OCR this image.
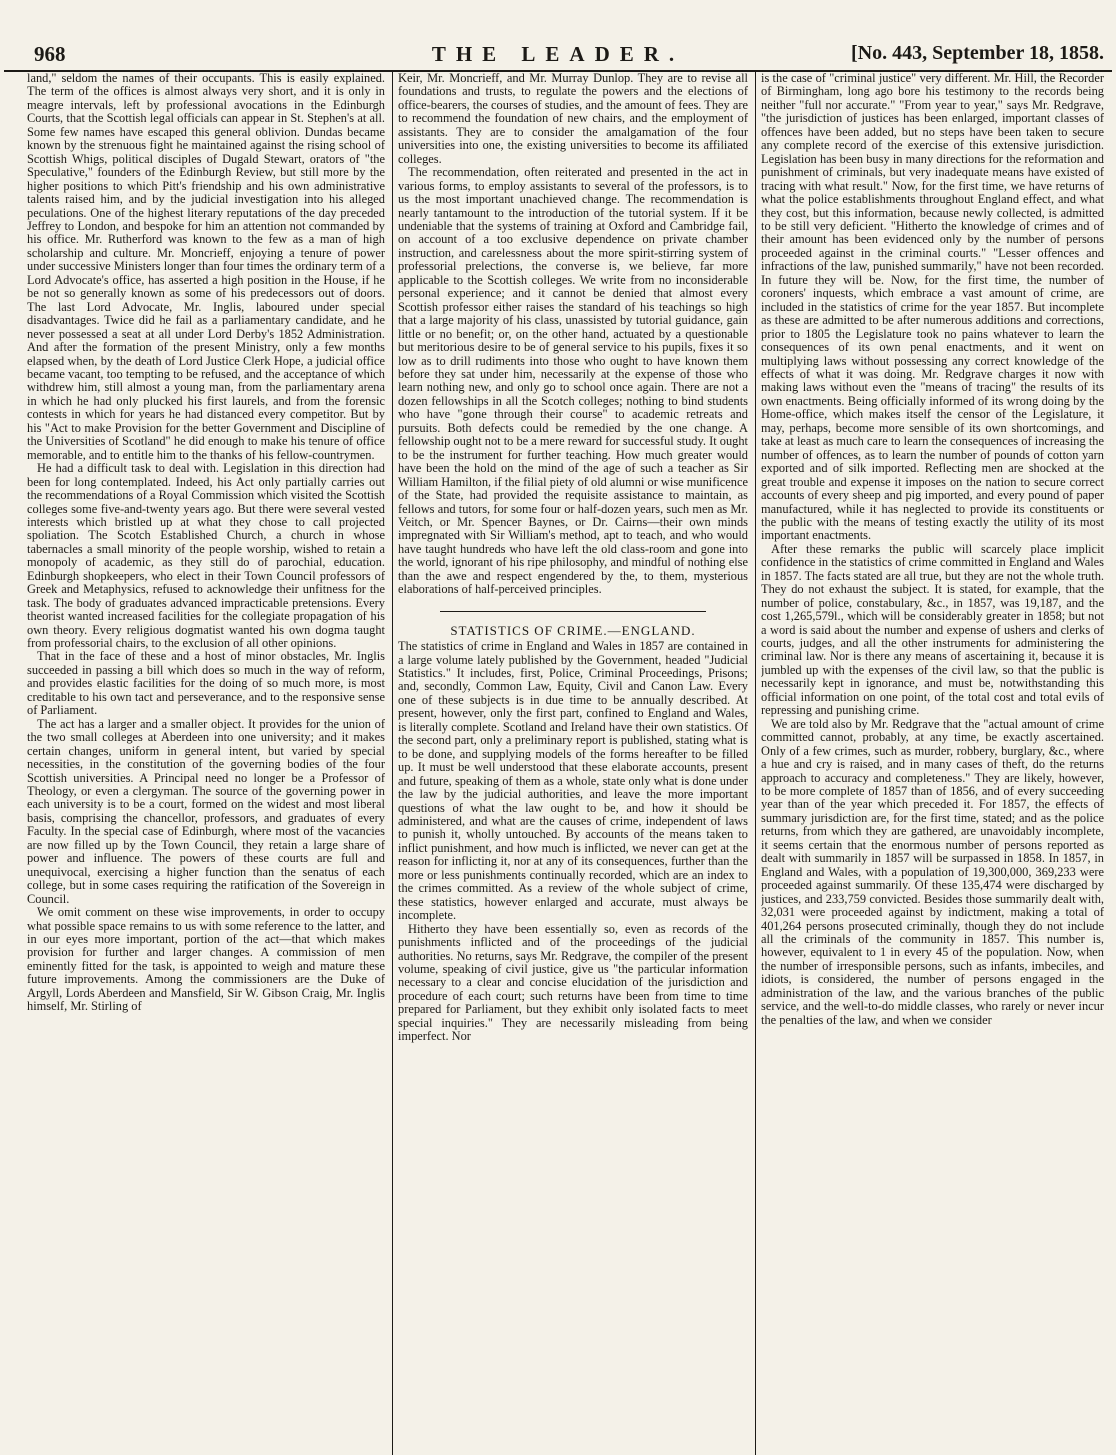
968	THE LEADER.	[No. 443, September 18, 1858.

land," seldom the names of their occupants. This is easily explained. The term of the offices is almost always very short, and it is only in meagre intervals, left by professional avocations in the Edinburgh Courts, that the Scottish legal officials can appear in St. Stephen's at all. Some few names have escaped this general oblivion. Dundas became known by the strenuous fight he maintained against the rising school of Scottish Whigs, political disciples of Dugald Stewart, orators of "the Speculative," founders of the Edinburgh Review, but still more by the higher positions to which Pitt's friendship and his own administrative talents raised him, and by the judicial investigation into his alleged peculations. One of the highest literary reputations of the day preceded Jeffrey to London, and bespoke for him an attention not commanded by his office. Mr. Rutherford was known to the few as a man of high scholarship and culture. Mr. Moncrieff, enjoying a tenure of power under successive Ministers longer than four times the ordinary term of a Lord Advocate's office, has asserted a high position in the House, if he be not so generally known as some of his predecessors out of doors. The last Lord Advocate, Mr. Inglis, laboured under special disadvantages. Twice did he fail as a parliamentary candidate, and he never possessed a seat at all under Lord Derby's 1852 Administration. And after the formation of the present Ministry, only a few months elapsed when, by the death of Lord Justice Clerk Hope, a judicial office became vacant, too tempting to be refused, and the acceptance of which withdrew him, still almost a young man, from the parliamentary arena in which he had only plucked his first laurels, and from the forensic contests in which for years he had distanced every competitor. But by his "Act to make Provision for the better Government and Discipline of the Universities of Scotland" he did enough to make his tenure of office memorable, and to entitle him to the thanks of his fellow-countrymen.

He had a difficult task to deal with. Legislation in this direction had been for long contemplated. Indeed, his Act only partially carries out the recommendations of a Royal Commission which visited the Scottish colleges some five-and-twenty years ago. But there were several vested interests which bristled up at what they chose to call projected spoliation. The Scotch Established Church, a church in whose tabernacles a small minority of the people worship, wished to retain a monopoly of academic, as they still do of parochial, education. Edinburgh shopkeepers, who elect in their Town Council professors of Greek and Metaphysics, refused to acknowledge their unfitness for the task. The body of graduates advanced impracticable pretensions. Every theorist wanted increased facilities for the collegiate propagation of his own theory. Every religious dogmatist wanted his own dogma taught from professorial chairs, to the exclusion of all other opinions.

That in the face of these and a host of minor obstacles, Mr. Inglis succeeded in passing a bill which does so much in the way of reform, and provides elastic facilities for the doing of so much more, is most creditable to his own tact and perseverance, and to the responsive sense of Parliament.

The act has a larger and a smaller object. It provides for the union of the two small colleges at Aberdeen into one university; and it makes certain changes, uniform in general intent, but varied by special necessities, in the constitution of the governing bodies of the four Scottish universities. A Principal need no longer be a Professor of Theology, or even a clergyman. The source of the governing power in each university is to be a court, formed on the widest and most liberal basis, comprising the chancellor, professors, and graduates of every Faculty. In the special case of Edinburgh, where most of the vacancies are now filled up by the Town Council, they retain a large share of power and influence. The powers of these courts are full and unequivocal, exercising a higher function than the senatus of each college, but in some cases requiring the ratification of the Sovereign in Council.

We omit comment on these wise improvements, in order to occupy what possible space remains to us with some reference to the latter, and in our eyes more important, portion of the act—that which makes provision for further and larger changes. A commission of men eminently fitted for the task, is appointed to weigh and mature these future improvements. Among the commissioners are the Duke of Argyll, Lords Aberdeen and Mansfield, Sir W. Gibson Craig, Mr. Inglis himself, Mr. Stirling of

Keir, Mr. Moncrieff, and Mr. Murray Dunlop. They are to revise all foundations and trusts, to regulate the powers and the elections of office-bearers, the courses of studies, and the amount of fees. They are to recommend the foundation of new chairs, and the employment of assistants. They are to consider the amalgamation of the four universities into one, the existing universities to become its affiliated colleges.

The recommendation, often reiterated and presented in the act in various forms, to employ assistants to several of the professors, is to us the most important unachieved change. The recommendation is nearly tantamount to the introduction of the tutorial system. If it be undeniable that the systems of training at Oxford and Cambridge fail, on account of a too exclusive dependence on private chamber instruction, and carelessness about the more spirit-stirring system of professorial prelections, the converse is, we believe, far more applicable to the Scottish colleges. We write from no inconsiderable personal experience; and it cannot be denied that almost every Scottish professor either raises the standard of his teachings so high that a large majority of his class, unassisted by tutorial guidance, gain little or no benefit; or, on the other hand, actuated by a questionable but meritorious desire to be of general service to his pupils, fixes it so low as to drill rudiments into those who ought to have known them before they sat under him, necessarily at the expense of those who learn nothing new, and only go to school once again. There are not a dozen fellowships in all the Scotch colleges; nothing to bind students who have "gone through their course" to academic retreats and pursuits. Both defects could be remedied by the one change. A fellowship ought not to be a mere reward for successful study. It ought to be the instrument for further teaching. How much greater would have been the hold on the mind of the age of such a teacher as Sir William Hamilton, if the filial piety of old alumni or wise munificence of the State, had provided the requisite assistance to maintain, as fellows and tutors, for some four or half-dozen years, such men as Mr. Veitch, or Mr. Spencer Baynes, or Dr. Cairns—their own minds impregnated with Sir William's method, apt to teach, and who would have taught hundreds who have left the old class-room and gone into the world, ignorant of his ripe philosophy, and mindful of nothing else than the awe and respect engendered by the, to them, mysterious elaborations of half-perceived principles.

STATISTICS OF CRIME.—ENGLAND.

The statistics of crime in England and Wales in 1857 are contained in a large volume lately published by the Government, headed "Judicial Statistics." It includes, first, Police, Criminal Proceedings, Prisons; and, secondly, Common Law, Equity, Civil and Canon Law. Every one of these subjects is in due time to be annually described. At present, however, only the first part, confined to England and Wales, is literally complete. Scotland and Ireland have their own statistics. Of the second part, only a preliminary report is published, stating what is to be done, and supplying models of the forms hereafter to be filled up. It must be well understood that these elaborate accounts, present and future, speaking of them as a whole, state only what is done under the law by the judicial authorities, and leave the more important questions of what the law ought to be, and how it should be administered, and what are the causes of crime, independent of laws to punish it, wholly untouched. By accounts of the means taken to inflict punishment, and how much is inflicted, we never can get at the reason for inflicting it, nor at any of its consequences, further than the more or less punishments continually recorded, which are an index to the crimes committed. As a review of the whole subject of crime, these statistics, however enlarged and accurate, must always be incomplete.

Hitherto they have been essentially so, even as records of the punishments inflicted and of the proceedings of the judicial authorities. No returns, says Mr. Redgrave, the compiler of the present volume, speaking of civil justice, give us "the particular information necessary to a clear and concise elucidation of the jurisdiction and procedure of each court; such returns have been from time to time prepared for Parliament, but they exhibit only isolated facts to meet special inquiries." They are necessarily misleading from being imperfect. Nor

is the case of "criminal justice" very different. Mr. Hill, the Recorder of Birmingham, long ago bore his testimony to the records being neither "full nor accurate." "From year to year," says Mr. Redgrave, "the jurisdiction of justices has been enlarged, important classes of offences have been added, but no steps have been taken to secure any complete record of the exercise of this extensive jurisdiction. Legislation has been busy in many directions for the reformation and punishment of criminals, but very inadequate means have existed of tracing with what result." Now, for the first time, we have returns of what the police establishments throughout England effect, and what they cost, but this information, because newly collected, is admitted to be still very deficient. "Hitherto the knowledge of crimes and of their amount has been evidenced only by the number of persons proceeded against in the criminal courts." "Lesser offences and infractions of the law, punished summarily," have not been recorded. In future they will be. Now, for the first time, the number of coroners' inquests, which embrace a vast amount of crime, are included in the statistics of crime for the year 1857. But incomplete as these are admitted to be after numerous additions and corrections, prior to 1805 the Legislature took no pains whatever to learn the consequences of its own penal enactments, and it went on multiplying laws without possessing any correct knowledge of the effects of what it was doing. Mr. Redgrave charges it now with making laws without even the "means of tracing" the results of its own enactments. Being officially informed of its wrong doing by the Home-office, which makes itself the censor of the Legislature, it may, perhaps, become more sensible of its own shortcomings, and take at least as much care to learn the consequences of increasing the number of offences, as to learn the number of pounds of cotton yarn exported and of silk imported. Reflecting men are shocked at the great trouble and expense it imposes on the nation to secure correct accounts of every sheep and pig imported, and every pound of paper manufactured, while it has neglected to provide its constituents or the public with the means of testing exactly the utility of its most important enactments.

After these remarks the public will scarcely place implicit confidence in the statistics of crime committed in England and Wales in 1857. The facts stated are all true, but they are not the whole truth. They do not exhaust the subject. It is stated, for example, that the number of police, constabulary, &c., in 1857, was 19,187, and the cost 1,265,579l., which will be considerably greater in 1858; but not a word is said about the number and expense of ushers and clerks of courts, judges, and all the other instruments for administering the criminal law. Nor is there any means of ascertaining it, because it is jumbled up with the expenses of the civil law, so that the public is necessarily kept in ignorance, and must be, notwithstanding this official information on one point, of the total cost and total evils of repressing and punishing crime.

We are told also by Mr. Redgrave that the "actual amount of crime committed cannot, probably, at any time, be exactly ascertained. Only of a few crimes, such as murder, robbery, burglary, &c., where a hue and cry is raised, and in many cases of theft, do the returns approach to accuracy and completeness." They are likely, however, to be more complete of 1857 than of 1856, and of every succeeding year than of the year which preceded it. For 1857, the effects of summary jurisdiction are, for the first time, stated; and as the police returns, from which they are gathered, are unavoidably incomplete, it seems certain that the enormous number of persons reported as dealt with summarily in 1857 will be surpassed in 1858. In 1857, in England and Wales, with a population of 19,300,000, 369,233 were proceeded against summarily. Of these 135,474 were discharged by justices, and 233,759 convicted. Besides those summarily dealt with, 32,031 were proceeded against by indictment, making a total of 401,264 persons prosecuted criminally, though they do not include all the criminals of the community in 1857. This number is, however, equivalent to 1 in every 45 of the population. Now, when the number of irresponsible persons, such as infants, imbeciles, and idiots, is considered, the number of persons engaged in the administration of the law, and the various branches of the public service, and the well-to-do middle classes, who rarely or never incur the penalties of the law, and when we consider
